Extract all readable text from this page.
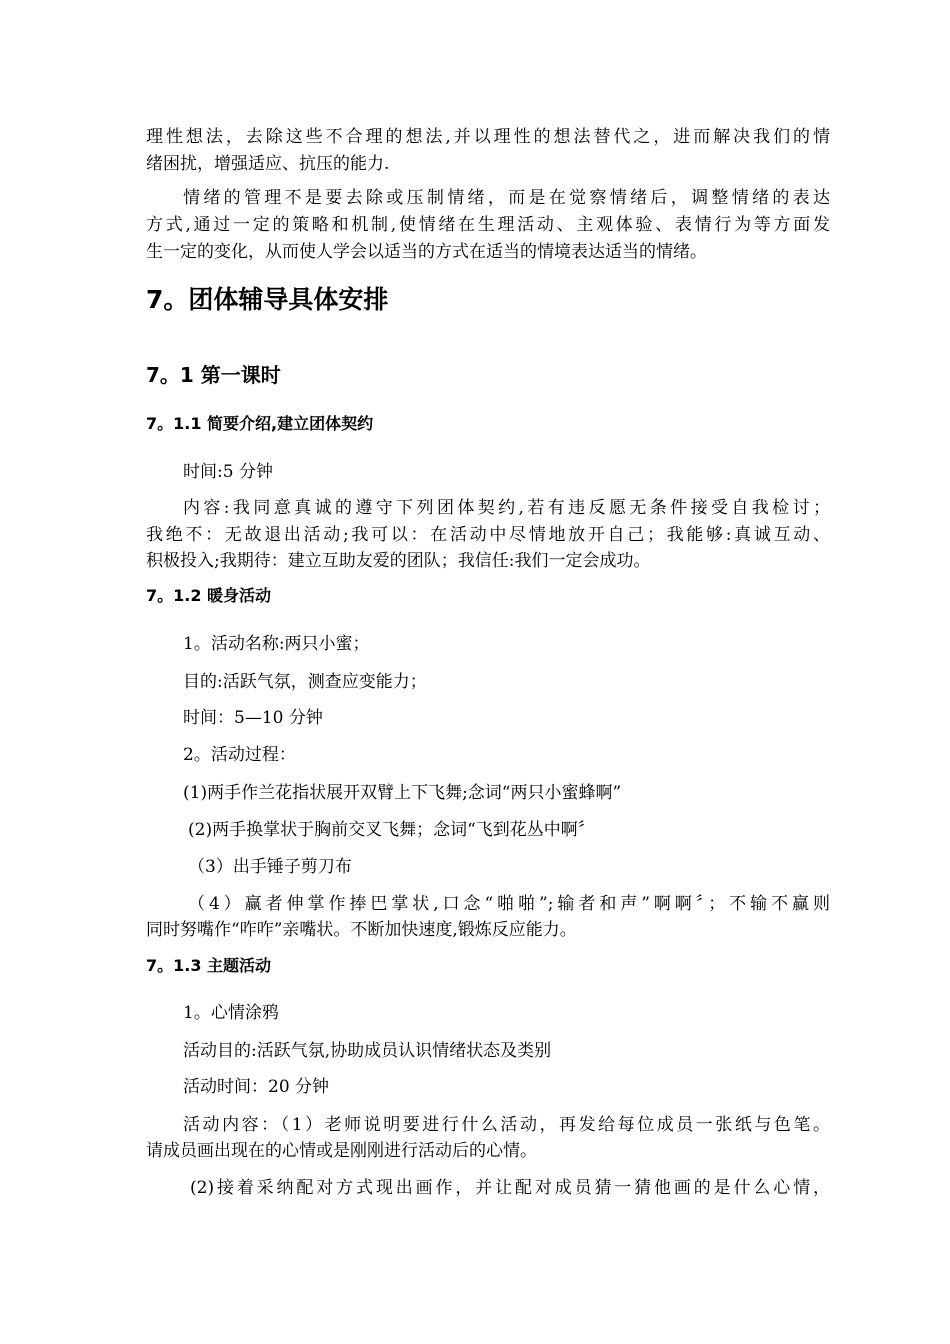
理性想法，去除这些不合理的想法,并以理性的想法替代之，进而解决我们的情
绪困扰，增强适应、抗压的能力.
情绪的管理不是要去除或压制情绪，而是在觉察情绪后，调整情绪的表达
方式,通过一定的策略和机制,使情绪在生理活动、主观体验、表情行为等方面发
生一定的变化，从而使人学会以适当的方式在适当的情境表达适当的情绪。
7。团体辅导具体安排
7。1 第一课时
7。1.1 简要介绍,建立团体契约
时间:5 分钟
内容:我同意真诚的遵守下列团体契约,若有违反愿无条件接受自我检讨；
我绝不：无故退出活动;我可以：在活动中尽情地放开自己；我能够:真诚互动、
积极投入;我期待：建立互助友爱的团队；我信任:我们一定会成功。
7。1.2 暖身活动
1。活动名称:两只小蜜；
目的:活跃气氛，测查应变能力；
时间：5—10 分钟
2。活动过程：
(1)两手作兰花指状展开双臂上下飞舞;念词“两只小蜜蜂啊”
(2)两手换掌状于胸前交叉飞舞；念词“飞到花丛中啊〞
（3）出手锤子剪刀布
（4）赢者伸掌作捧巴掌状,口念“啪啪”;输者和声”啊啊〞；不输不赢则
同时努嘴作“咋咋”亲嘴状。不断加快速度,锻炼反应能力。
7。1.3 主题活动
1。心情涂鸦
活动目的:活跃气氛,协助成员认识情绪状态及类别
活动时间：20 分钟
活动内容：（1）老师说明要进行什么活动，再发给每位成员一张纸与色笔。
请成员画出现在的心情或是刚刚进行活动后的心情。
(2)接着采纳配对方式现出画作，并让配对成员猜一猜他画的是什么心情，
